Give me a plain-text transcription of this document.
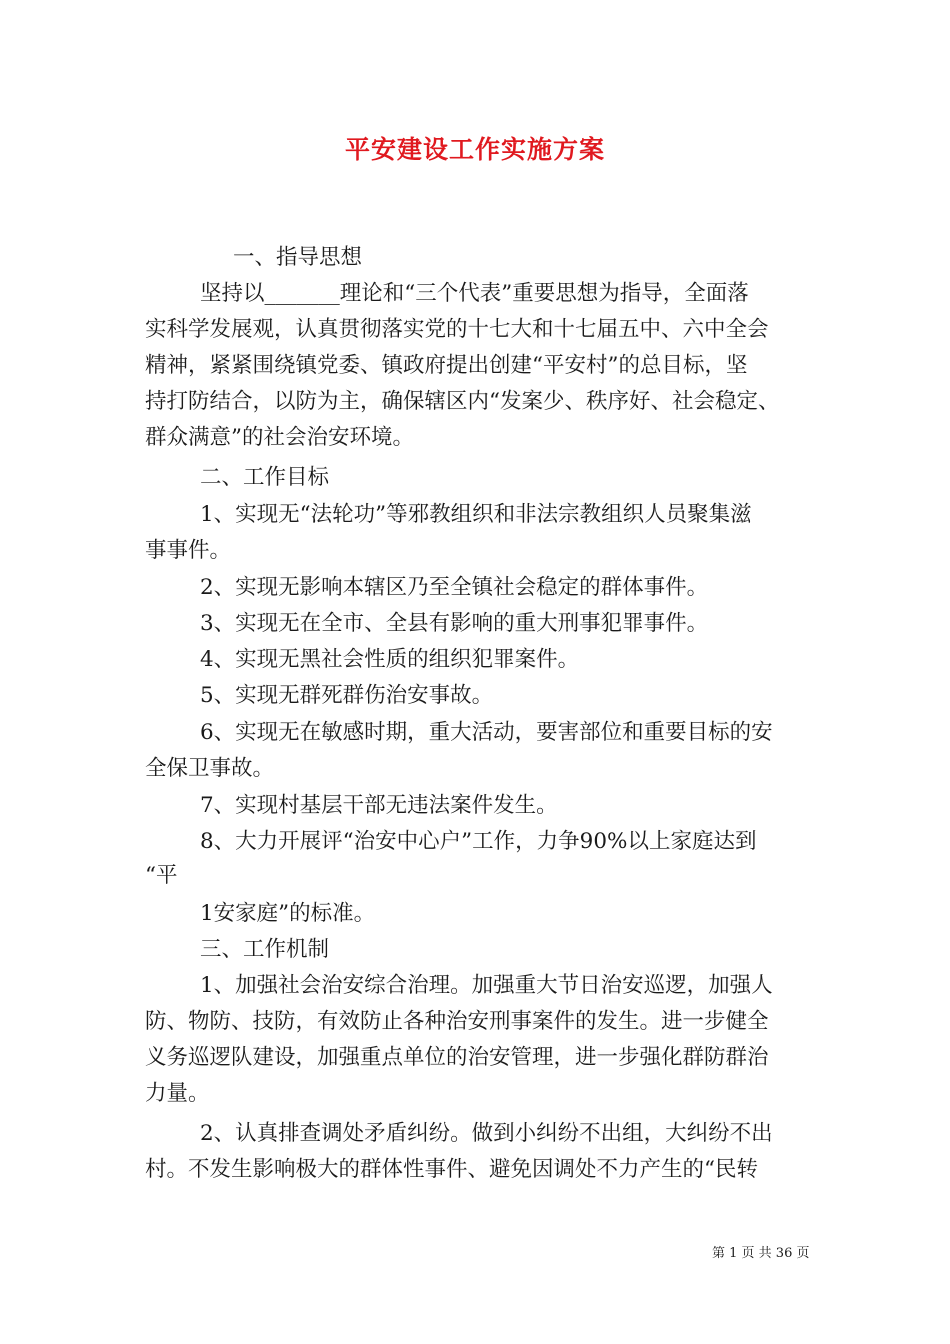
平安建设工作实施方案
一、指导思想
坚持以_______理论和“三个代表”重要思想为指导，全面落
实科学发展观，认真贯彻落实党的十七大和十七届五中、六中全会
精神，紧紧围绕镇党委、镇政府提出创建“平安村”的总目标，坚
持打防结合，以防为主，确保辖区内“发案少、秩序好、社会稳定、
群众满意”的社会治安环境。
二、工作目标
1、实现无“法轮功”等邪教组织和非法宗教组织人员聚集滋
事事件。
2、实现无影响本辖区乃至全镇社会稳定的群体事件。
3、实现无在全市、全县有影响的重大刑事犯罪事件。
4、实现无黑社会性质的组织犯罪案件。
5、实现无群死群伤治安事故。
6、实现无在敏感时期，重大活动，要害部位和重要目标的安
全保卫事故。
7、实现村基层干部无违法案件发生。
8、大力开展评“治安中心户”工作，力争90%以上家庭达到
“平
1安家庭”的标准。
三、工作机制
1、加强社会治安综合治理。加强重大节日治安巡逻，加强人
防、物防、技防，有效防止各种治安刑事案件的发生。进一步健全
义务巡逻队建设，加强重点单位的治安管理，进一步强化群防群治
力量。
2、认真排查调处矛盾纠纷。做到小纠纷不出组，大纠纷不出
村。不发生影响极大的群体性事件、避免因调处不力产生的“民转
第 1 页 共 36 页
